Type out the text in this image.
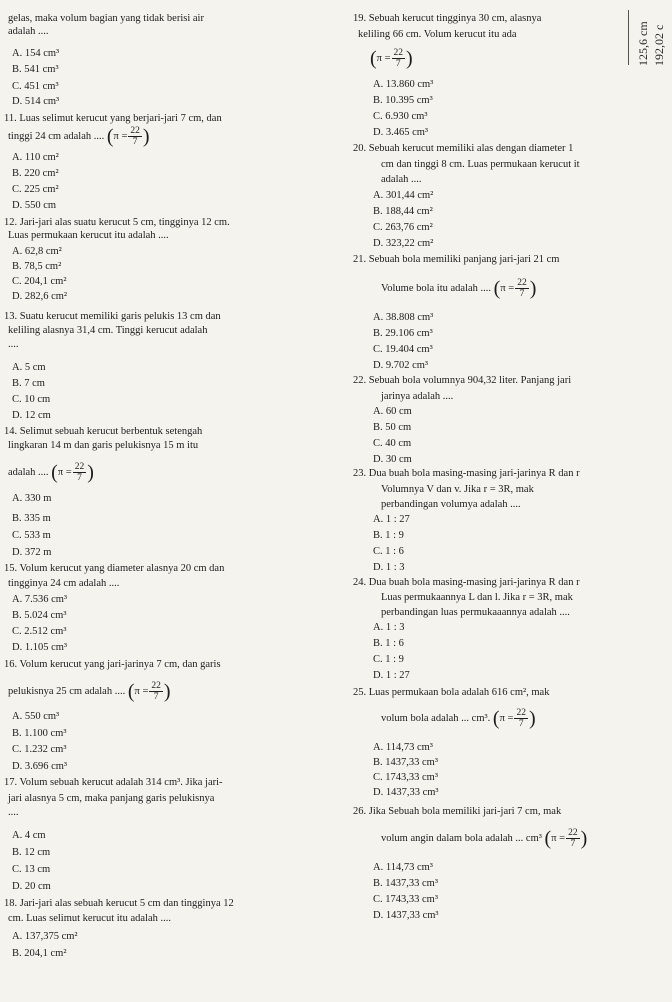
gelas, maka volum bagian yang tidak berisi air
adalah ....
A. 154 cm³
B. 541 cm³
C. 451 cm³
D. 514 cm³
11. Luas selimut kerucut yang berjari-jari 7 cm, dan
tinggi 24 cm adalah .... ($\pi = \frac{22}{7}$ )
A. 110 cm²
B. 220 cm²
C. 225 cm²
D. 550 cm
12. Jari-jari alas suatu kerucut 5 cm, tingginya 12 cm.
Luas permukaan kerucut itu adalah ....
A. 62,8 cm²
B. 78,5 cm²
C. 204,1 cm²
D. 282,6 cm²
13. Suatu kerucut memiliki garis pelukis 13 cm dan
keliling alasnya 31,4 cm. Tinggi kerucut adalah
....
A. 5 cm
B. 7 cm
C. 10 cm
D. 12 cm
14. Selimut sebuah kerucut berbentuk setengah
lingkaran 14 m dan garis pelukisnya 15 m itu
adalah .... ($\pi = \frac{22}{7}$ )
A. 330 m
B. 335 m
C. 533 m
D. 372 m
15. Volum kerucut yang diameter alasnya 20 cm dan
tingginya 24 cm adalah ....
A. 7.536 cm³
B. 5.024 cm³
C. 2.512 cm³
D. 1.105 cm³
16. Volum kerucut yang jari-jarinya 7 cm, dan garis
pelukisnya 25 cm adalah .... ($\pi = \frac{22}{7}$ )
A. 550 cm³
B. 1.100 cm³
C. 1.232 cm³
D. 3.696 cm³
17. Volum sebuah kerucut adalah 314 cm³. Jika jari-
jari alasnya 5 cm, maka panjang garis pelukisnya
....
A. 4 cm
B. 12 cm
C. 13 cm
D. 20 cm
18. Jari-jari alas sebuah kerucut 5 cm dan tingginya 12
cm. Luas selimut kerucut itu adalah ....
A. 137,375 cm²
B. 204,1 cm²
19. Sebuah kerucut tingginya 30 cm, alasnya
keliling 66 cm. Volum kerucut itu ada
($\pi = \frac{22}{7}$ )
A. 13.860 cm³
B. 10.395 cm³
C. 6.930 cm³
D. 3.465 cm³
20. Sebuah kerucut memiliki alas dengan diameter 1
cm dan tinggi 8 cm. Luas permukaan kerucut it
adalah ....
A. 301,44 cm²
B. 188,44 cm²
C. 263,76 cm²
D. 323,22 cm²
21. Sebuah bola memiliki panjang jari-jari 21 cm
Volume bola itu adalah .... ($\pi = \frac{22}{7}$ )
A. 38.808 cm³
B. 29.106 cm³
C. 19.404 cm³
D. 9.702 cm³
22. Sebuah bola volumnya 904,32 liter. Panjang jari
jarinya adalah ....
A. 60 cm
B. 50 cm
C. 40 cm
D. 30 cm
23. Dua buah bola masing-masing jari-jarinya R dan r
Volumnya V dan v. Jika r = 3R, mak
perbandingan volumya adalah ....
A. 1 : 27
B. 1 : 9
C. 1 : 6
D. 1 : 3
24. Dua buah bola masing-masing jari-jarinya R dan r
Luas permukaannya L dan l. Jika r = 3R, mak
perbandingan luas permukaaannya adalah ....
A. 1 : 3
B. 1 : 6
C. 1 : 9
D. 1 : 27
25. Luas permukaan bola adalah 616 cm², mak
volum bola adalah ... cm³. ($\pi = \frac{22}{7}$ )
A. 114,73 cm³
B. 1437,33 cm³
C. 1743,33 cm³
D. 1437,33 cm³
26. Jika Sebuah bola memiliki jari-jari 7 cm, mak
volum angin dalam bola adalah ... cm³ ($\pi = \frac{22}{7}$ )
A. 114,73 cm³
B. 1437,33 cm³
C. 1743,33 cm³
D. 1437,33 cm³
125,6 cm 192,02 c
